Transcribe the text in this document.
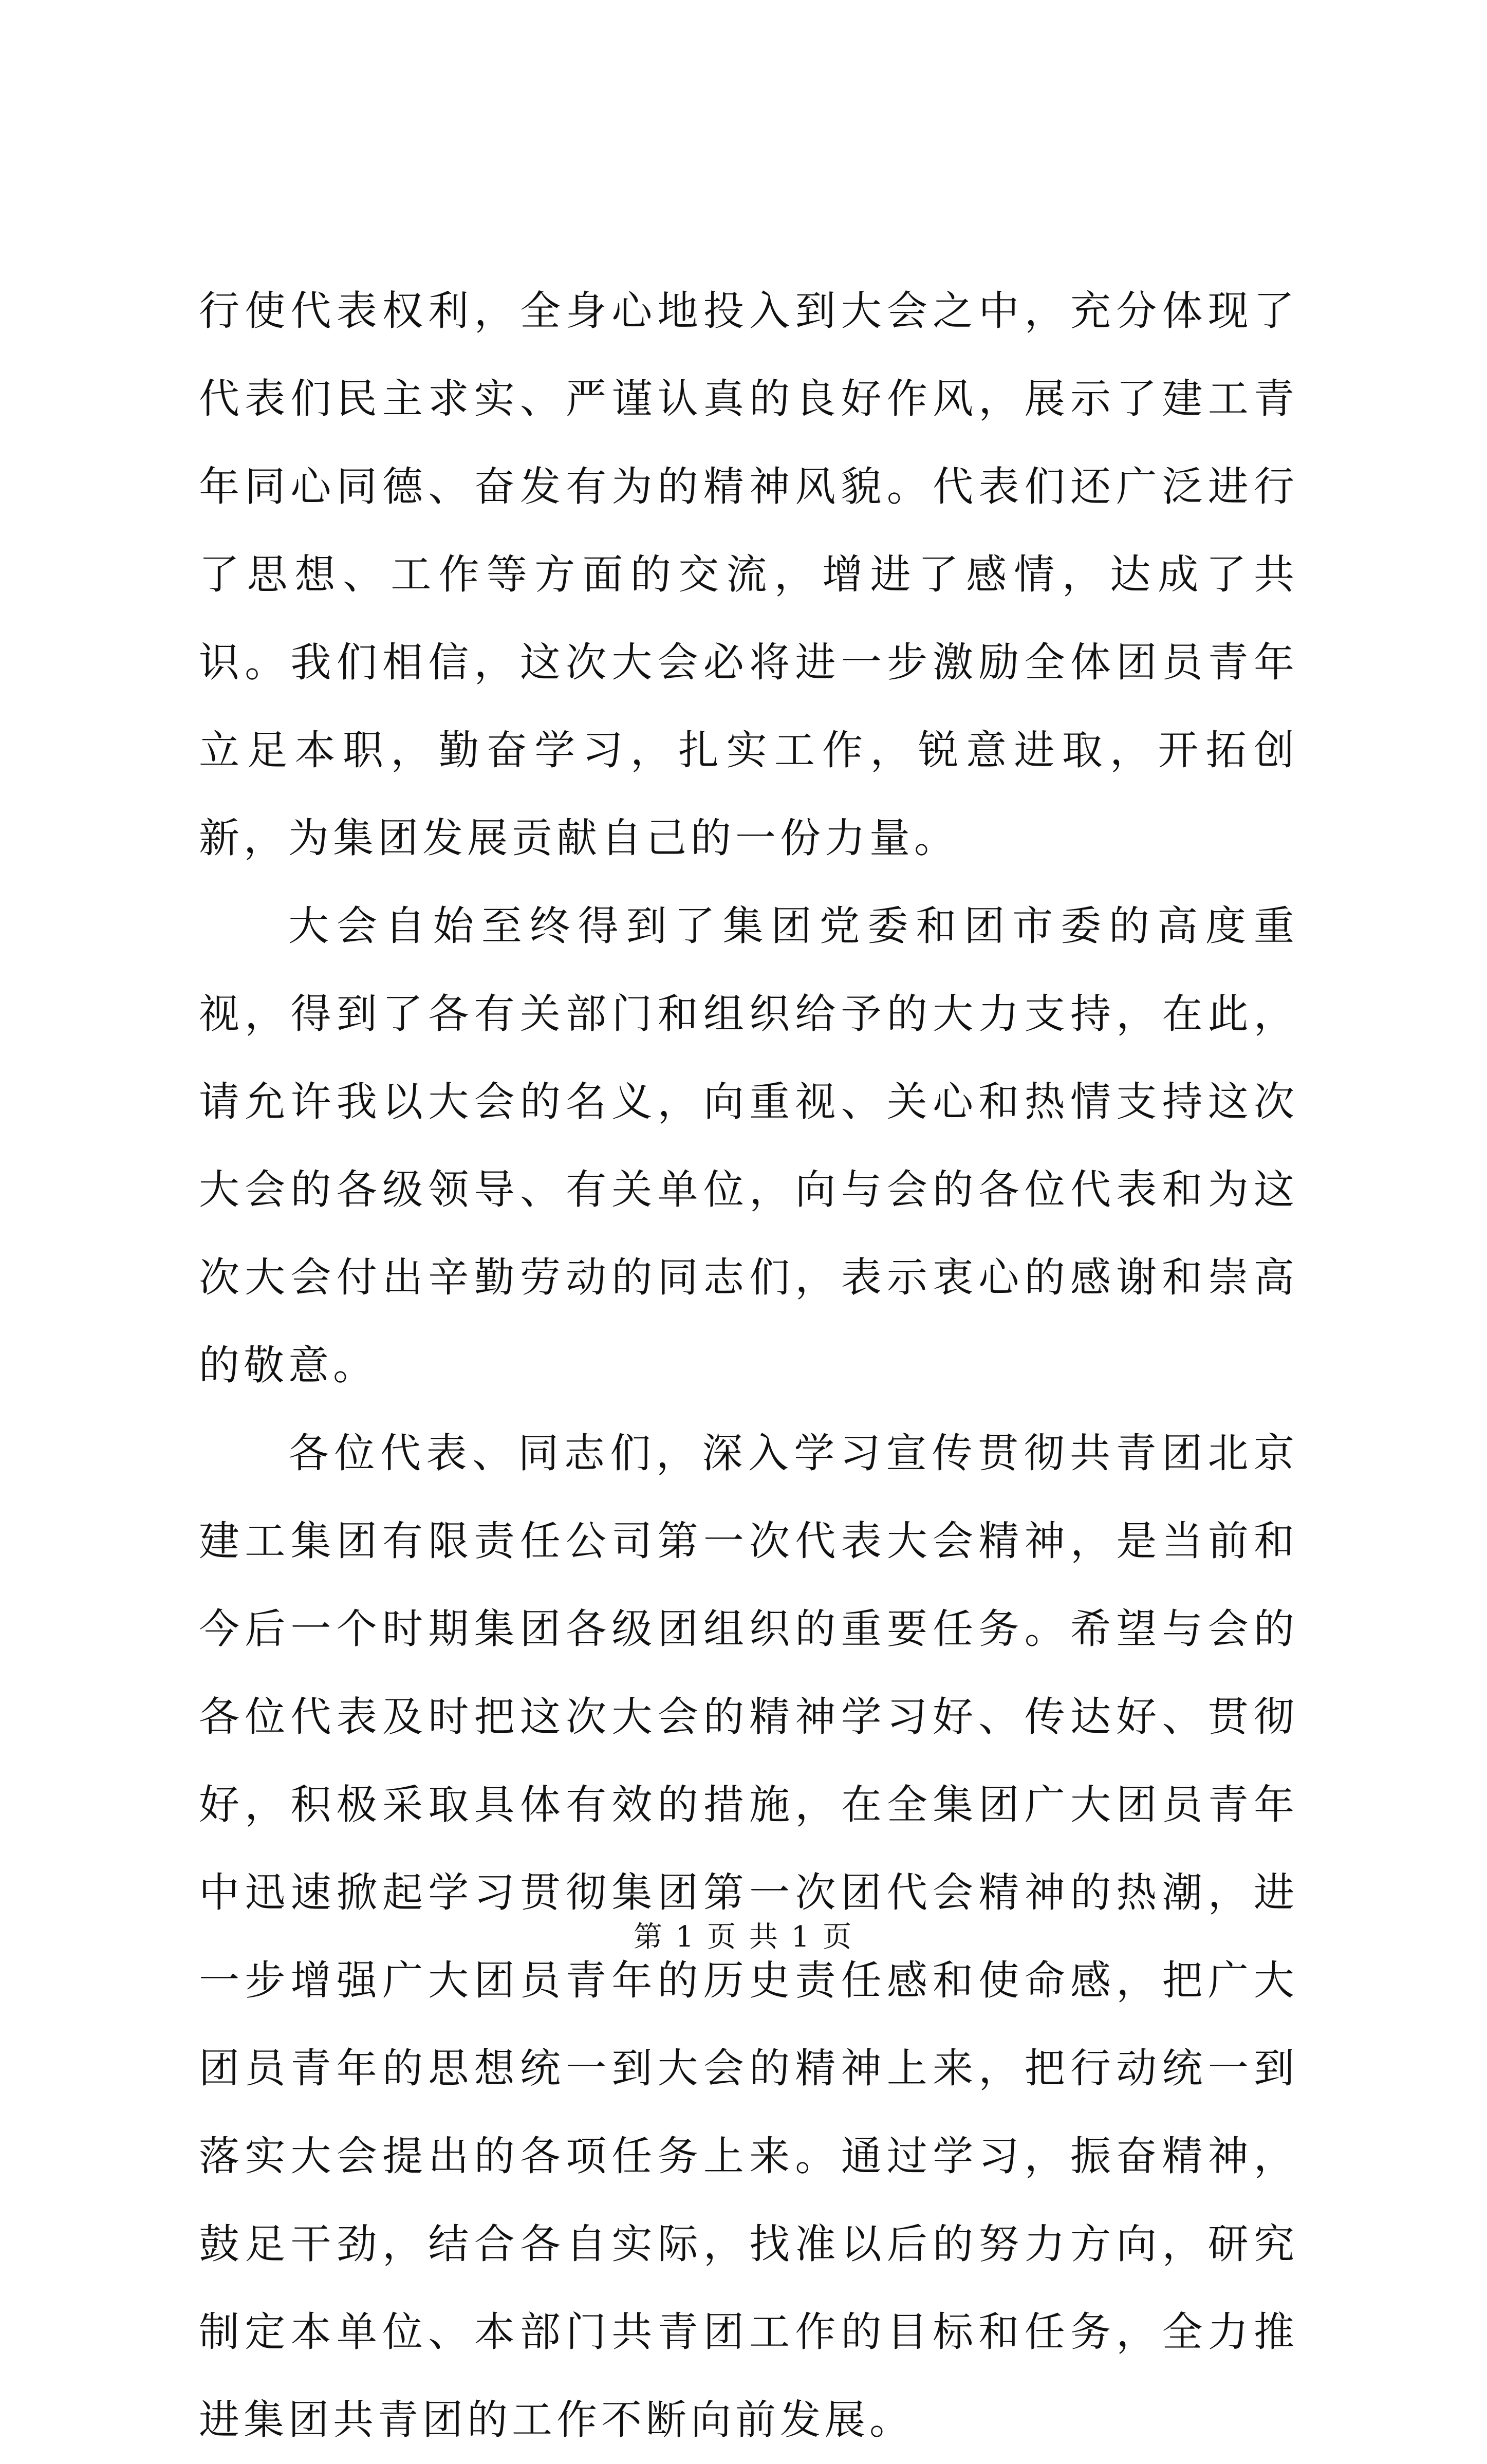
行使代表权利，全身心地投入到大会之中，充分体现了代表们民主求实、严谨认真的良好作风，展示了建工青年同心同德、奋发有为的精神风貌。代表们还广泛进行了思想、工作等方面的交流，增进了感情，达成了共识。我们相信，这次大会必将进一步激励全体团员青年立足本职，勤奋学习，扎实工作，锐意进取，开拓创新，为集团发展贡献自己的一份力量。

大会自始至终得到了集团党委和团市委的高度重视，得到了各有关部门和组织给予的大力支持，在此，请允许我以大会的名义，向重视、关心和热情支持这次大会的各级领导、有关单位，向与会的各位代表和为这次大会付出辛勤劳动的同志们，表示衷心的感谢和崇高的敬意。

各位代表、同志们，深入学习宣传贯彻共青团北京建工集团有限责任公司第一次代表大会精神，是当前和今后一个时期集团各级团组织的重要任务。希望与会的各位代表及时把这次大会的精神学习好、传达好、贯彻好，积极采取具体有效的措施，在全集团广大团员青年中迅速掀起学习贯彻集团第一次团代会精神的热潮，进一步增强广大团员青年的历史责任感和使命感，把广大团员青年的思想统一到大会的精神上来，把行动统一到落实大会提出的各项任务上来。通过学习，振奋精神，鼓足干劲，结合各自实际，找准以后的努力方向，研究制定本单位、本部门共青团工作的目标和任务，全力推进集团共青团的工作不断向前发展。

第 1 页 共 1 页
